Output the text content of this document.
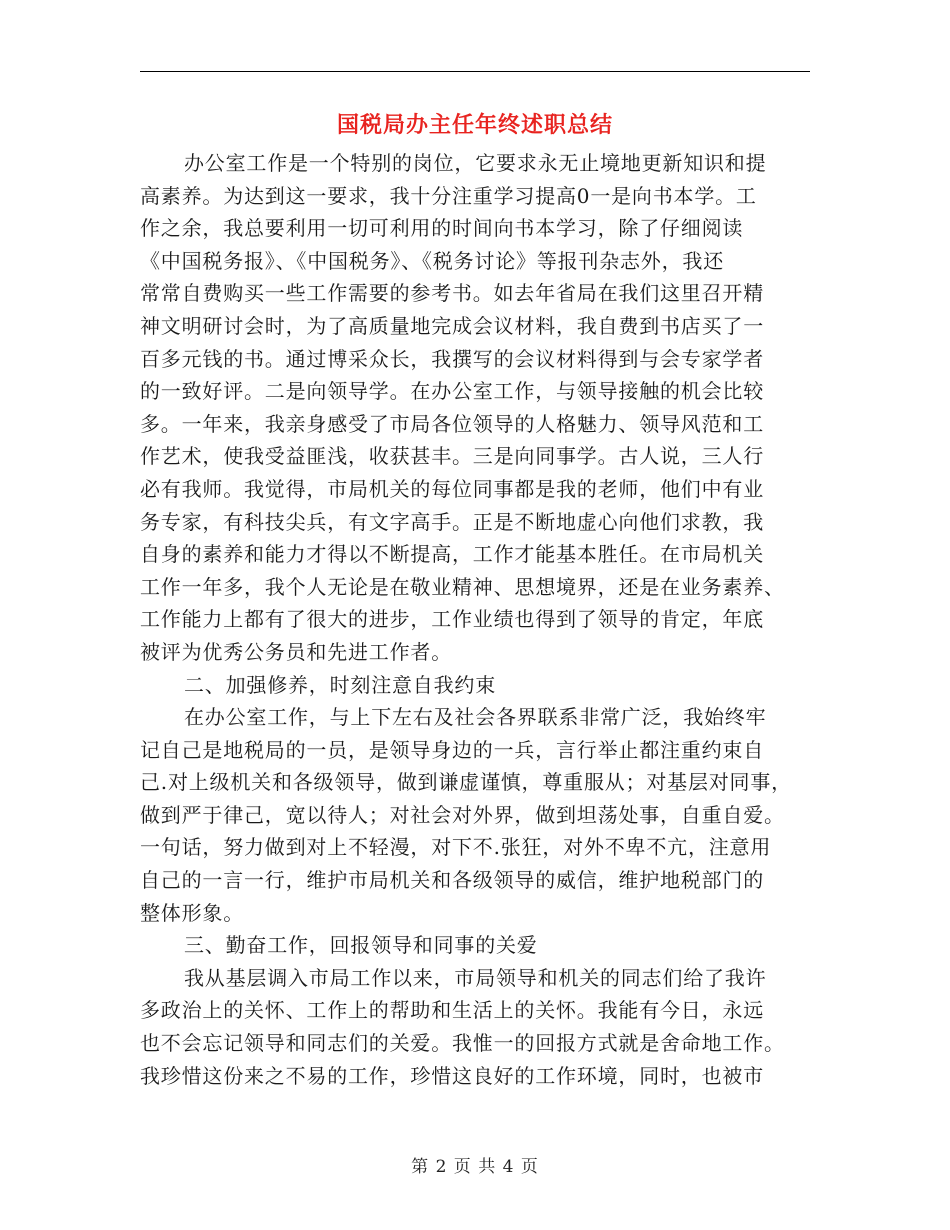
国税局办主任年终述职总结
办公室工作是一个特别的岗位，它要求永无止境地更新知识和提
高素养。为达到这一要求，我十分注重学习提高0一是向书本学。工
作之余，我总要利用一切可利用的时间向书本学习，除了仔细阅读
《中国税务报》、《中国税务》、《税务讨论》等报刊杂志外，我还
常常自费购买一些工作需要的参考书。如去年省局在我们这里召开精
神文明研讨会时，为了高质量地完成会议材料，我自费到书店买了一
百多元钱的书。通过博采众长，我撰写的会议材料得到与会专家学者
的一致好评。二是向领导学。在办公室工作，与领导接触的机会比较
多。一年来，我亲身感受了市局各位领导的人格魅力、领导风范和工
作艺术，使我受益匪浅，收获甚丰。三是向同事学。古人说，三人行
必有我师。我觉得，市局机关的每位同事都是我的老师，他们中有业
务专家，有科技尖兵，有文字高手。正是不断地虚心向他们求教，我
自身的素养和能力才得以不断提高，工作才能基本胜任。在市局机关
工作一年多，我个人无论是在敬业精神、思想境界，还是在业务素养、
工作能力上都有了很大的进步，工作业绩也得到了领导的肯定，年底
被评为优秀公务员和先进工作者。
二、加强修养，时刻注意自我约束
在办公室工作，与上下左右及社会各界联系非常广泛，我始终牢
记自己是地税局的一员，是领导身边的一兵，言行举止都注重约束自
己.对上级机关和各级领导，做到谦虚谨慎，尊重服从；对基层对同事，
做到严于律己，宽以待人；对社会对外界，做到坦荡处事，自重自爱。
一句话，努力做到对上不轻漫，对下不.张狂，对外不卑不亢，注意用
自己的一言一行，维护市局机关和各级领导的威信，维护地税部门的
整体形象。
三、勤奋工作，回报领导和同事的关爱
我从基层调入市局工作以来，市局领导和机关的同志们给了我许
多政治上的关怀、工作上的帮助和生活上的关怀。我能有今日，永远
也不会忘记领导和同志们的关爱。我惟一的回报方式就是舍命地工作。
我珍惜这份来之不易的工作，珍惜这良好的工作环境，同时，也被市
第 2 页 共 4 页
